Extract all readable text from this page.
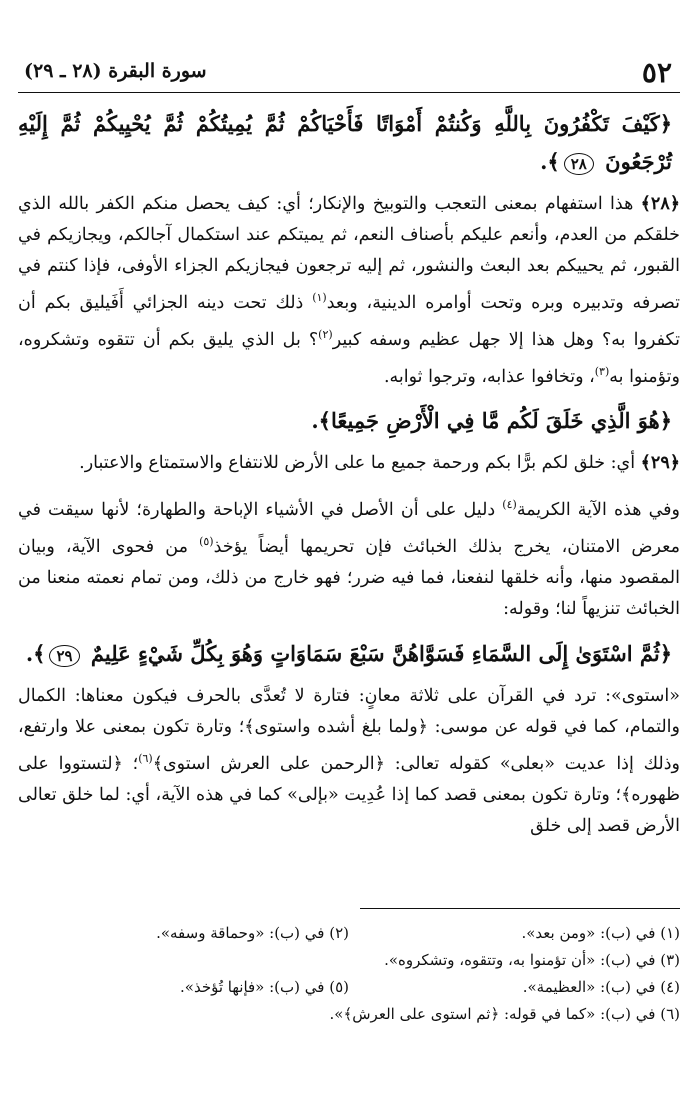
٥٢
سورة البقرة (٢٨ ـ ٢٩)

﴿كَيْفَ تَكْفُرُونَ بِاللَّهِ وَكُنتُمْ أَمْوَاتًا فَأَحْيَاكُمْ ثُمَّ يُمِيتُكُمْ ثُمَّ يُحْيِيكُمْ ثُمَّ إِلَيْهِ تُرْجَعُونَ ٢٨﴾.

﴿٢٨﴾ هذا استفهام بمعنى التعجب والتوبيخ والإنكار؛ أي: كيف يحصل منكم الكفر بالله الذي خلقكم من العدم، وأنعم عليكم بأصناف النعم، ثم يميتكم عند استكمال آجالكم، ويجازيكم في القبور، ثم يحييكم بعد البعث والنشور، ثم إليه ترجعون فيجازيكم الجزاء الأوفى، فإذا كنتم في تصرفه وتدبيره وبره وتحت أوامره الدينية، وبعد$^{(١)}$ ذلك تحت دينه الجزائي أَفَيليق بكم أن تكفروا به؟ وهل هذا إلا جهل عظيم وسفه كبير$^{(٢)}$؟ بل الذي يليق بكم أن تتقوه وتشكروه، وتؤمنوا به$^{(٣)}$، وتخافوا عذابه، وترجوا ثوابه.

﴿هُوَ الَّذِي خَلَقَ لَكُم مَّا فِي الْأَرْضِ جَمِيعًا﴾.

﴿٢٩﴾ أي: خلق لكم برًّا بكم ورحمة جميع ما على الأرض للانتفاع والاستمتاع والاعتبار.

وفي هذه الآية الكريمة$^{(٤)}$ دليل على أن الأصل في الأشياء الإباحة والطهارة؛ لأنها سيقت في معرض الامتنان، يخرج بذلك الخبائث فإن تحريمها أيضاً يؤخذ$^{(٥)}$ من فحوى الآية، وبيان المقصود منها، وأنه خلقها لنفعنا، فما فيه ضرر؛ فهو خارج من ذلك، ومن تمام نعمته منعنا من الخبائث تنزيهاً لنا؛ وقوله:

﴿ثُمَّ اسْتَوَىٰ إِلَى السَّمَاءِ فَسَوَّاهُنَّ سَبْعَ سَمَاوَاتٍ وَهُوَ بِكُلِّ شَيْءٍ عَلِيمٌ ٢٩﴾.

«استوى»: ترد في القرآن على ثلاثة معانٍ: فتارة لا تُعدَّى بالحرف فيكون معناها: الكمال والتمام، كما في قوله عن موسى: ﴿ولما بلغ أشده واستوى﴾؛ وتارة تكون بمعنى علا وارتفع، وذلك إذا عديت «بعلى» كقوله تعالى: ﴿الرحمن على العرش استوى﴾$^{(٦)}$؛ ﴿لتستووا على ظهوره﴾؛ وتارة تكون بمعنى قصد كما إذا عُدِيت «بإلى» كما في هذه الآية، أي: لما خلق تعالى الأرض قصد إلى خلق

(١) في (ب): «ومن بعد».
(٢) في (ب): «وحماقة وسفه».
(٣) في (ب): «أن تؤمنوا به، وتتقوه، وتشكروه».
(٤) في (ب): «العظيمة».
(٥) في (ب): «فإنها تُؤخذ».
(٦) في (ب): «كما في قوله: ﴿ثم استوى على العرش﴾».
